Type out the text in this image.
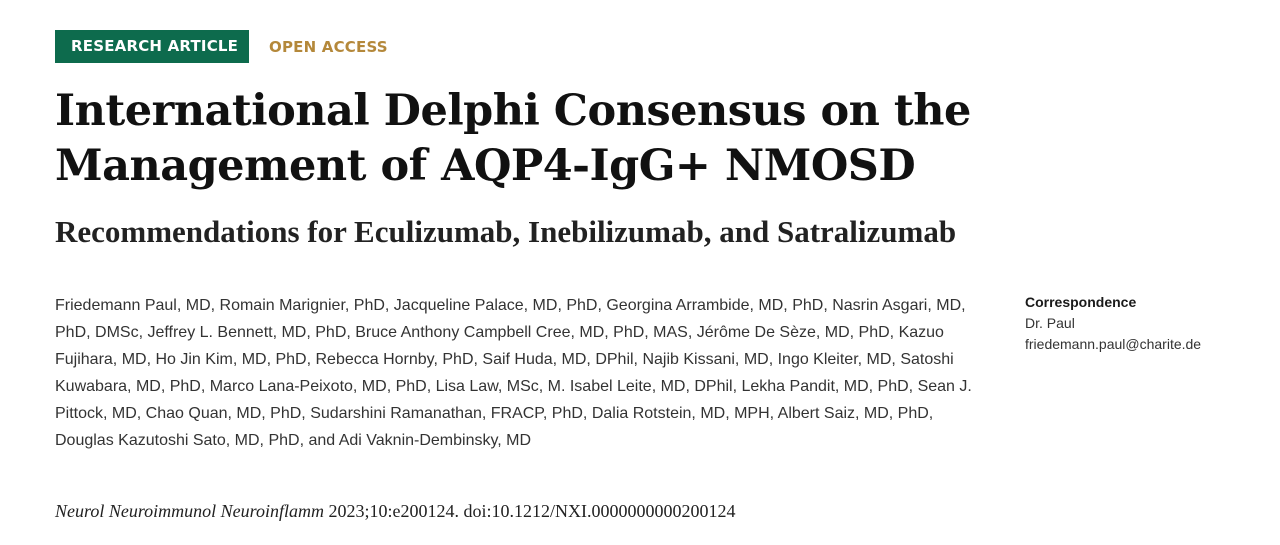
RESEARCH ARTICLE	OPEN ACCESS
International Delphi Consensus on the Management of AQP4-IgG+ NMOSD
Recommendations for Eculizumab, Inebilizumab, and Satralizumab

Friedemann Paul, MD, Romain Marignier, PhD, Jacqueline Palace, MD, PhD, Georgina Arrambide, MD, PhD, Nasrin Asgari, MD, PhD, DMSc, Jeffrey L. Bennett, MD, PhD, Bruce Anthony Campbell Cree, MD, PhD, MAS, Jérôme De Sèze, MD, PhD, Kazuo Fujihara, MD, Ho Jin Kim, MD, PhD, Rebecca Hornby, PhD, Saif Huda, MD, DPhil, Najib Kissani, MD, Ingo Kleiter, MD, Satoshi Kuwabara, MD, PhD, Marco Lana-Peixoto, MD, PhD, Lisa Law, MSc, M. Isabel Leite, MD, DPhil, Lekha Pandit, MD, PhD, Sean J. Pittock, MD, Chao Quan, MD, PhD, Sudarshini Ramanathan, FRACP, PhD, Dalia Rotstein, MD, MPH, Albert Saiz, MD, PhD, Douglas Kazutoshi Sato, MD, PhD, and Adi Vaknin-Dembinsky, MD

Correspondence
Dr. Paul
friedemann.paul@charite.de
Neurol Neuroimmunol Neuroinflamm 2023;10:e200124. doi:10.1212/NXI.0000000000200124
